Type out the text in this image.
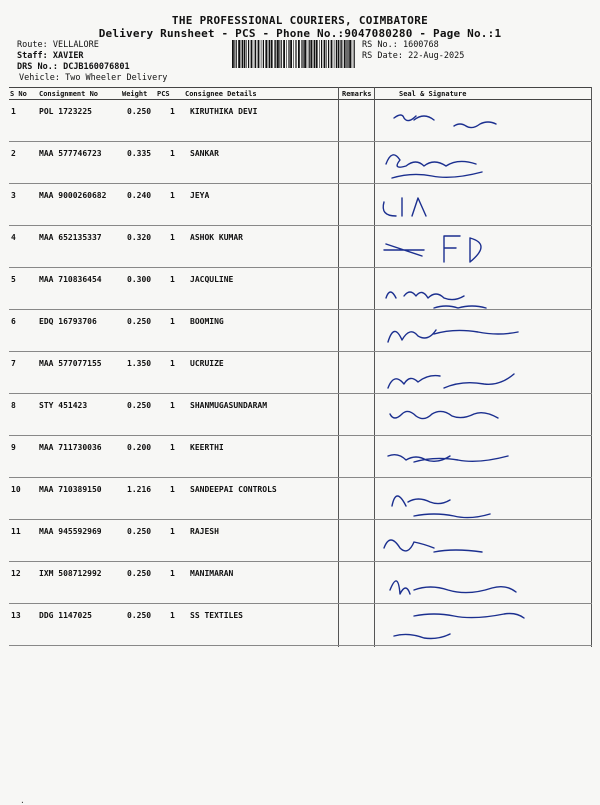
THE PROFESSIONAL COURIERS, COIMBATORE
Delivery Runsheet - PCS - Phone No.:9047080280 - Page No.:1
Route: VELLALORE
Staff: XAVIER
DRS No.: DCJB160076801
Vehicle: Two Wheeler Delivery
RS No.: 1600768
RS Date: 22-Aug-2025
S No Consignment No	Weight PCS Consignee Details	Remarks	Seal & Signature
1	POL 1723225	0.250 1 KIRUTHIKA DEVI
2	MAA 577746723	0.335 1 SANKAR
3	MAA 9000260682	0.240 1 JEYA
4	MAA 652135337	0.320 1 ASHOK KUMAR
5	MAA 710836454	0.300 1 JACQULINE
6	EDQ 16793706	0.250 1 BOOMING
7	MAA 577077155	1.350 1 UCRUIZE
8	STY 451423	0.250 1 SHANMUGASUNDARAM
9	MAA 711730036	0.200 1 KEERTHI
10 MAA 710389150	1.216 1 SANDEEPAI CONTROLS
11 MAA 945592969	0.250 1 RAJESH
12 IXM 508712992	0.250 1 MANIMARAN
13 DDG 1147025	0.250 1 SS TEXTILES
.
